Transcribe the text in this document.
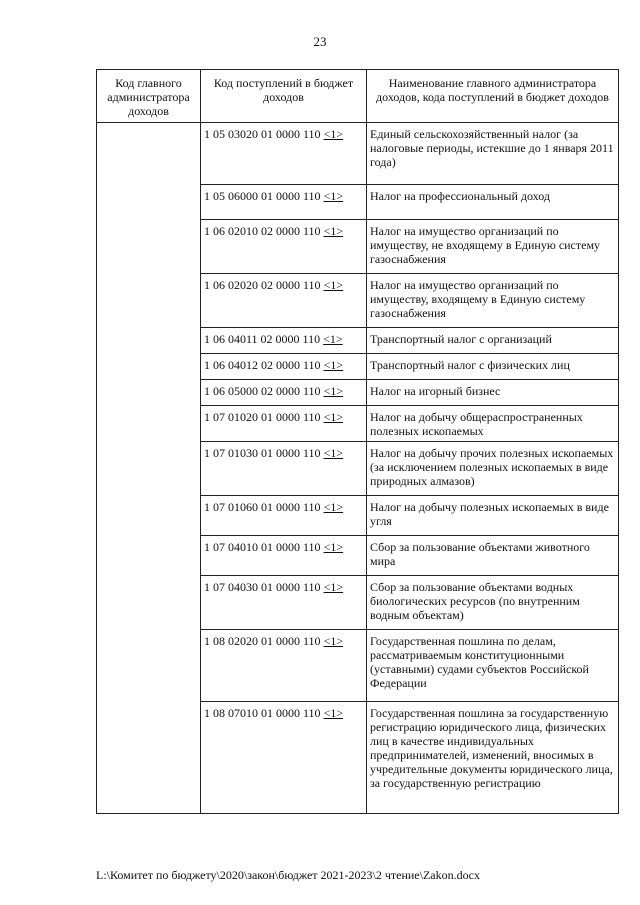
23
Код главного администратора доходов	Код поступлений в бюджет доходов	Наименование главного администратора доходов, кода поступлений в бюджет доходов
	1 05 03020 01 0000 110 <1>	Единый сельскохозяйственный налог (за налоговые периоды, истекшие до 1 января 2011 года)
	1 05 06000 01 0000 110 <1>	Налог на профессиональный доход
	1 06 02010 02 0000 110 <1>	Налог на имущество организаций по имуществу, не входящему в Единую систему газоснабжения
	1 06 02020 02 0000 110 <1>	Налог на имущество организаций по имуществу, входящему в Единую систему газоснабжения
	1 06 04011 02 0000 110 <1>	Транспортный налог с организаций
	1 06 04012 02 0000 110 <1>	Транспортный налог с физических лиц
	1 06 05000 02 0000 110 <1>	Налог на игорный бизнес
	1 07 01020 01 0000 110 <1>	Налог на добычу общераспространенных полезных ископаемых
	1 07 01030 01 0000 110 <1>	Налог на добычу прочих полезных ископаемых (за исключением полезных ископаемых в виде природных алмазов)
	1 07 01060 01 0000 110 <1>	Налог на добычу полезных ископаемых в виде угля
	1 07 04010 01 0000 110 <1>	Сбор за пользование объектами животного мира
	1 07 04030 01 0000 110 <1>	Сбор за пользование объектами водных биологических ресурсов (по внутренним водным объектам)
	1 08 02020 01 0000 110 <1>	Государственная пошлина по делам, рассматриваемым конституционными (уставными) судами субъектов Российской Федерации
	1 08 07010 01 0000 110 <1>	Государственная пошлина за государственную регистрацию юридического лица, физических лиц в качестве индивидуальных предпринимателей, изменений, вносимых в учредительные документы юридического лица, за государственную регистрацию
L:\Комитет по бюджету\2020\закон\бюджет 2021-2023\2 чтение\Zakon.docx
